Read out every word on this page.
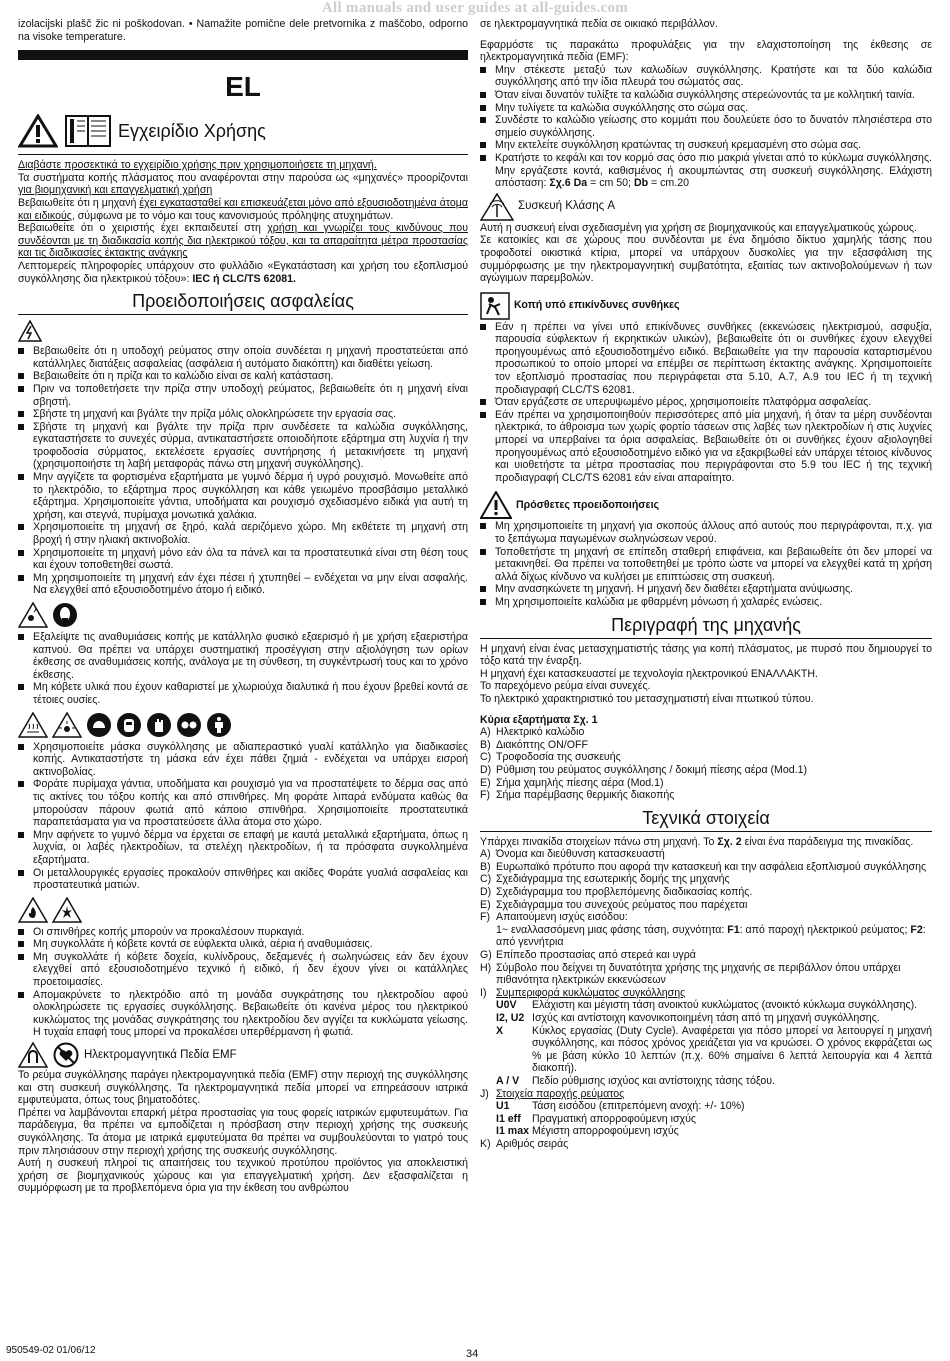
All manuals and user guides at all-guides.com

izolacijski plašč žic ni poškodovan. • Namažite pomične dele pretvornika z maščobo, odporno na visoke temperature.

EL
Εγχειρίδιο Χρήσης

Διαβάστε προσεκτικά το εγχειρίδιο χρήσης πριν χρησιμοποιήσετε τη μηχανή.

Τα συστήματα κοπής πλάσματος που αναφέρονται στην παρούσα ως «μηχανές» προορίζονται για βιομηχανική και επαγγελματική χρήση

Βεβαιωθείτε ότι η μηχανή έχει εγκατασταθεί και επισκευάζεται μόνο από εξουσιοδοτημένα άτομα και ειδικούς, σύμφωνα με το νόμο και τους κανονισμούς πρόληψης ατυχημάτων.

Βεβαιωθείτε ότι ο χειριστής έχει εκπαιδευτεί στη χρήση και γνωρίζει τους κινδύνους που συνδέονται με τη διαδικασία κοπής δια ηλεκτρικού τόξου, και τα απαραίτητα μέτρα προστασίας και τις διαδικασίες έκτακτης ανάγκης

Λεπτομερείς πληροφορίες υπάρχουν στο φυλλάδιο «Εγκατάσταση και χρήση του εξοπλισμού συγκόλλησης δια ηλεκτρικού τόξου»: IEC ή CLC/TS 62081.

Προειδοποιήσεις ασφαλείας

Βεβαιωθείτε ότι η υποδοχή ρεύματος στην οποία συνδέεται η μηχανή προστατεύεται από κατάλληλες διατάξεις ασφαλείας (ασφάλεια ή αυτόματο διακόπτη) και διαθέτει γείωση.

Βεβαιωθείτε ότι η πρίζα και το καλώδιο είναι σε καλή κατάσταση.

Πριν να τοποθετήσετε την πρίζα στην υποδοχή ρεύματος, βεβαιωθείτε ότι η μηχανή είναι σβηστή.

Σβήστε τη μηχανή και βγάλτε την πρίζα μόλις ολοκληρώσετε την εργασία σας.

Σβήστε τη μηχανή και βγάλτε την πρίζα πριν συνδέσετε τα καλώδια συγκόλλησης, εγκαταστήσετε το συνεχές σύρμα, αντικαταστήσετε οποιοδήποτε εξάρτημα στη λυχνία ή την τροφοδοσία σύρματος, εκτελέσετε εργασίες συντήρησης ή μετακινήσετε τη μηχανή (χρησιμοποιήστε τη λαβή μεταφοράς πάνω στη μηχανή συγκόλλησης).

Μην αγγίζετε τα φορτισμένα εξαρτήματα με γυμνό δέρμα ή υγρό ρουχισμό. Μονωθείτε από το ηλεκτρόδιο, το εξάρτημα προς συγκόλληση και κάθε γειωμένο προσβάσιμο μεταλλικό εξάρτημα. Χρησιμοποιείτε γάντια, υποδήματα και ρουχισμό σχεδιασμένο ειδικά για αυτή τη χρήση, και στεγνά, πυρίμαχα μονωτικά χαλάκια.

Χρησιμοποιείτε τη μηχανή σε ξηρό, καλά αεριζόμενο χώρο. Μη εκθέτετε τη μηχανή στη βροχή ή στην ηλιακή ακτινοβολία.

Χρησιμοποιείτε τη μηχανή μόνο εάν όλα τα πάνελ και τα προστατευτικά είναι στη θέση τους και έχουν τοποθετηθεί σωστά.

Μη χρησιμοποιείτε τη μηχανή εάν έχει πέσει ή χτυπηθεί – ενδέχεται να μην είναι ασφαλής. Να ελεγχθεί από εξουσιοδοτημένο άτομο ή ειδικό.

Εξαλείψτε τις αναθυμιάσεις κοπής με κατάλληλο φυσικό εξαερισμό ή με χρήση εξαεριστήρα καπνού. Θα πρέπει να υπάρχει συστηματική προσέγγιση στην αξιολόγηση των ορίων έκθεσης σε αναθυμιάσεις κοπής, ανάλογα με τη σύνθεση, τη συγκέντρωσή τους και το χρόνο έκθεσης.

Μη κόβετε υλικά που έχουν καθαριστεί με χλωριούχα διαλυτικά ή που έχουν βρεθεί κοντά σε τέτοιες ουσίες.

Χρησιμοποιείτε μάσκα συγκόλλησης με αδιαπεραστικό γυαλί κατάλληλο για διαδικασίες κοπής. Αντικαταστήστε τη μάσκα εάν έχει πάθει ζημιά - ενδέχεται να υπάρχει εισροή ακτινοβολίας.

Φοράτε πυρίμαχα γάντια, υποδήματα και ρουχισμό για να προστατέψετε το δέρμα σας από τις ακτίνες του τόξου κοπής και από σπινθήρες. Μη φοράτε λιπαρά ενδύματα καθώς θα μπορούσαν πάρουν φωτιά από κάποιο σπινθήρα. Χρησιμοποιείτε προστατευτικά παραπετάσματα για να προστατεύσετε άλλα άτομα στο χώρο.

Μην αφήνετε το γυμνό δέρμα να έρχεται σε επαφή με καυτά μεταλλικά εξαρτήματα, όπως η λυχνία, οι λαβές ηλεκτροδίων, τα στελέχη ηλεκτροδίων, ή τα πρόσφατα συγκολλημένα εξαρτήματα.

Οι μεταλλουργικές εργασίες προκαλούν σπινθήρες και ακίδες Φοράτε γυαλιά ασφαλείας και προστατευτικά ματιών.

Οι σπινθήρες κοπής μπορούν να προκαλέσουν πυρκαγιά.

Μη συγκολλάτε ή κόβετε κοντά σε εύφλεκτα υλικά, αέρια ή αναθυμιάσεις.

Μη συγκολλάτε ή κόβετε δοχεία, κυλίνδρους, δεξαμενές ή σωληνώσεις εάν δεν έχουν ελεγχθεί από εξουσιοδοτημένο τεχνικό ή ειδικό, ή δεν έχουν γίνει οι κατάλληλες προετοιμασίες.

Απομακρύνετε το ηλεκτρόδιο από τη μονάδα συγκράτησης του ηλεκτροδίου αφού ολοκληρώσετε τις εργασίες συγκόλλησης. Βεβαιωθείτε ότι κανένα μέρος του ηλεκτρικού κυκλώματος της μονάδας συγκράτησης του ηλεκτροδίου δεν αγγίζει τα κυκλώματα γείωσης. Η τυχαία επαφή τους μπορεί να προκαλέσει υπερθέρμανση ή φωτιά.

Ηλεκτρομαγνητικά Πεδία EMF

Το ρεύμα συγκόλλησης παράγει ηλεκτρομαγνητικά πεδία (EMF) στην περιοχή της συγκόλλησης και στη συσκευή συγκόλλησης. Τα ηλεκτρομαγνητικά πεδία μπορεί να επηρεάσουν ιατρικά εμφυτεύματα, όπως τους βηματοδότες.

Πρέπει να λαμβάνονται επαρκή μέτρα προστασίας για τους φορείς ιατρικών εμφυτευμάτων. Για παράδειγμα, θα πρέπει να εμποδίζεται η πρόσβαση στην περιοχή χρήσης της συσκευής συγκόλλησης. Τα άτομα με ιατρικά εμφυτεύματα θα πρέπει να συμβουλεύονται το γιατρό τους πριν πλησιάσουν στην περιοχή χρήσης της συσκευής συγκόλλησης.

Αυτή η συσκευή πληροί τις απαιτήσεις του τεχνικού προτύπου προϊόντος για αποκλειστική χρήση σε βιομηχανικούς χώρους και για επαγγελματική χρήση. Δεν εξασφαλίζεται η συμμόρφωση με τα προβλεπόμενα όρια για την έκθεση του ανθρώπου

σε ηλεκτρομαγνητικά πεδία σε οικιακό περιβάλλον.

Εφαρμόστε τις παρακάτω προφυλάξεις για την ελαχιστοποίηση της έκθεσης σε ηλεκτρομαγνητικά πεδία (EMF):

Μην στέκεστε μεταξύ των καλωδίων συγκόλλησης. Κρατήστε και τα δύο καλώδια συγκόλλησης από την ίδια πλευρά του σώματός σας.

Όταν είναι δυνατόν τυλίξτε τα καλώδια συγκόλλησης στερεώνοντάς τα με κολλητική ταινία.

Μην τυλίγετε τα καλώδια συγκόλλησης στο σώμα σας.

Συνδέστε το καλώδιο γείωσης στο κομμάτι που δουλεύετε όσο το δυνατόν πλησιέστερα στο σημείο συγκόλλησης.

Μην εκτελείτε συγκόλληση κρατώντας τη συσκευή κρεμασμένη στο σώμα σας.

Κρατήστε το κεφάλι και τον κορμό σας όσο πιο μακριά γίνεται από το κύκλωμα συγκόλλησης. Μην εργάζεστε κοντά, καθισμένος ή ακουμπώντας στη συσκευή συγκόλλησης. Ελάχιστη απόσταση: Σχ.6 Da = cm 50; Db = cm.20

Συσκευή Κλάσης A

Αυτή η συσκευή είναι σχεδιασμένη για χρήση σε βιομηχανικούς και επαγγελματικούς χώρους.

Σε κατοικίες και σε χώρους που συνδέονται με ένα δημόσιο δίκτυο χαμηλής τάσης που τροφοδοτεί οικιστικά κτίρια, μπορεί να υπάρχουν δυσκολίες για την εξασφάλιση της συμμόρφωσης με την ηλεκτρομαγνητική συμβατότητα, εξαιτίας των ακτινοβολούμενων ή των αγώγιμων παρεμβολών.

Κοπή υπό επικίνδυνες συνθήκες

Εάν η πρέπει να γίνει υπό επικίνδυνες συνθήκες (εκκενώσεις ηλεκτρισμού, ασφυξία, παρουσία εύφλεκτων ή εκρηκτικών υλικών), βεβαιωθείτε ότι οι συνθήκες έχουν ελεγχθεί προηγουμένως από εξουσιοδοτημένο ειδικό. Βεβαιωθείτε για την παρουσία καταρτισμένου προσωπικού το οποίο μπορεί να επέμβει σε περίπτωση έκτακτης ανάγκης. Χρησιμοποιείτε τον εξοπλισμό προστασίας που περιγράφεται στα 5.10, A.7, A.9 του IEC ή τη τεχνική προδιαγραφή CLC/TS 62081.

Όταν εργάζεστε σε υπερυψωμένο μέρος, χρησιμοποιείτε πλατφόρμα ασφαλείας.

Εάν πρέπει να χρησιμοποιηθούν περισσότερες από μία μηχανή, ή όταν τα μέρη συνδέονται ηλεκτρικά, το άθροισμα των χωρίς φορτίο τάσεων στις λαβές των ηλεκτροδίων ή στις λυχνίες μπορεί να υπερβαίνει τα όρια ασφαλείας. Βεβαιωθείτε ότι οι συνθήκες έχουν αξιολογηθεί προηγουμένως από εξουσιοδοτημένο ειδικό για να εξακριβωθεί εάν υπάρχει τέτοιος κίνδυνος και υιοθετήστε τα μέτρα προστασίας που περιγράφονται στο 5.9 του IEC ή της τεχνική προδιαγραφή CLC/TS 62081 εάν είναι απαραίτητο.

Πρόσθετες προειδοποιήσεις

Μη χρησιμοποιείτε τη μηχανή για σκοπούς άλλους από αυτούς που περιγράφονται, π.χ. για το ξεπάγωμα παγωμένων σωληνώσεων νερού.

Τοποθετήστε τη μηχανή σε επίπεδη σταθερή επιφάνεια, και βεβαιωθείτε ότι δεν μπορεί να μετακινηθεί. Θα πρέπει να τοποθετηθεί με τρόπο ώστε να μπορεί να ελεγχθεί κατά τη χρήση αλλά δίχως κίνδυνο να κυλήσει με επιπτώσεις στη συσκευή.

Μην ανασηκώνετε τη μηχανή. Η μηχανή δεν διαθέτει εξαρτήματα ανύψωσης.

Μη χρησιμοποιείτε καλώδια με φθαρμένη μόνωση ή χαλαρές ενώσεις.

Περιγραφή της μηχανής

Η μηχανή είναι ένας μετασχηματιστής τάσης για κοπή πλάσματος, με πυρσό που δημιουργεί το τόξο κατά την έναρξη.

Η μηχανή έχει κατασκευαστεί με τεχνολογία ηλεκτρονικού ΕΝΑΛΛΑΚΤΗ.

Το παρεχόμενο ρεύμα είναι συνεχές.

Το ηλεκτρικό χαρακτηριστικό του μετασχηματιστή είναι πτωτικού τύπου.

Κύρια εξαρτήματα Σχ. 1

A) Ηλεκτρικό καλώδιο
B) Διακόπτης ON/OFF
C) Τροφοδοσία της συσκευής
D) Ρύθμιση του ρεύματος συγκόλλησης / δοκιμή πίεσης αέρα (Mod.1)
E) Σήμα χαμηλής πίεσης αέρα (Mod.1)
F) Σήμα παρέμβασης θερμικής διακοπής
Τεχνικά στοιχεία

Υπάρχει πινακίδα στοιχείων πάνω στη μηχανή. Το Σχ. 2 είναι ένα παράδειγμα της πινακίδας.

A) Όνομα και διεύθυνση κατασκευαστή
B) Ευρωπαϊκό πρότυπο που αφορά την κατασκευή και την ασφάλεια εξοπλισμού συγκόλλησης
C) Σχεδιάγραμμα της εσωτερικής δομής της μηχανής
D) Σχεδιάγραμμα του προβλεπόμενης διαδικασίας κοπής.
E) Σχεδιάγραμμα του συνεχούς ρεύματος που παρέχεται
F) Απαιτούμενη ισχύς εισόδου:
1~ εναλλασσόμενη μιας φάσης τάση, συχνότητα: F1: από παροχή ηλεκτρικού ρεύματος; F2: από γεννήτρια
G) Επίπεδο προστασίας από στερεά και υγρά
H) Σύμβολο που δείχνει τη δυνατότητα χρήσης της μηχανής σε περιβάλλον όπου υπάρχει πιθανότητα ηλεκτρικών εκκενώσεων
I) Συμπεριφορά κυκλώματος συγκόλλησης
U0V	Ελάχιστη και μέγιστη τάση ανοικτού κυκλώματος (ανοικτό κύκλωμα συγκόλλησης).
I2, U2 Ισχύς και αντίστοιχη κανονικοποιημένη τάση από τη μηχανή συγκόλλησης.
X	Κύκλος εργασίας (Duty Cycle). Αναφέρεται για πόσο μπορεί να λειτουργεί η μηχανή συγκόλλησης, και πόσος χρόνος χρειάζεται για να κρυώσει. Ο χρόνος εκφράζεται ως % με βάση κύκλο 10 λεπτών (π.χ. 60% σημαίνει 6 λεπτά λειτουργία και 4 λεπτά διακοπή).
A / V	Πεδίο ρύθμισης ισχύος και αντίστοιχης τάσης τόξου.
J) Στοιχεία παροχής ρεύματος
U1	Τάση εισόδου (επιτρεπόμενη ανοχή: +/- 10%)
I1 eff	Πραγματική απορροφούμενη ισχύς
I1 max Μέγιστη απορροφούμενη ισχύς
K) Αριθμός σειράς
950549-02 01/06/12	34
